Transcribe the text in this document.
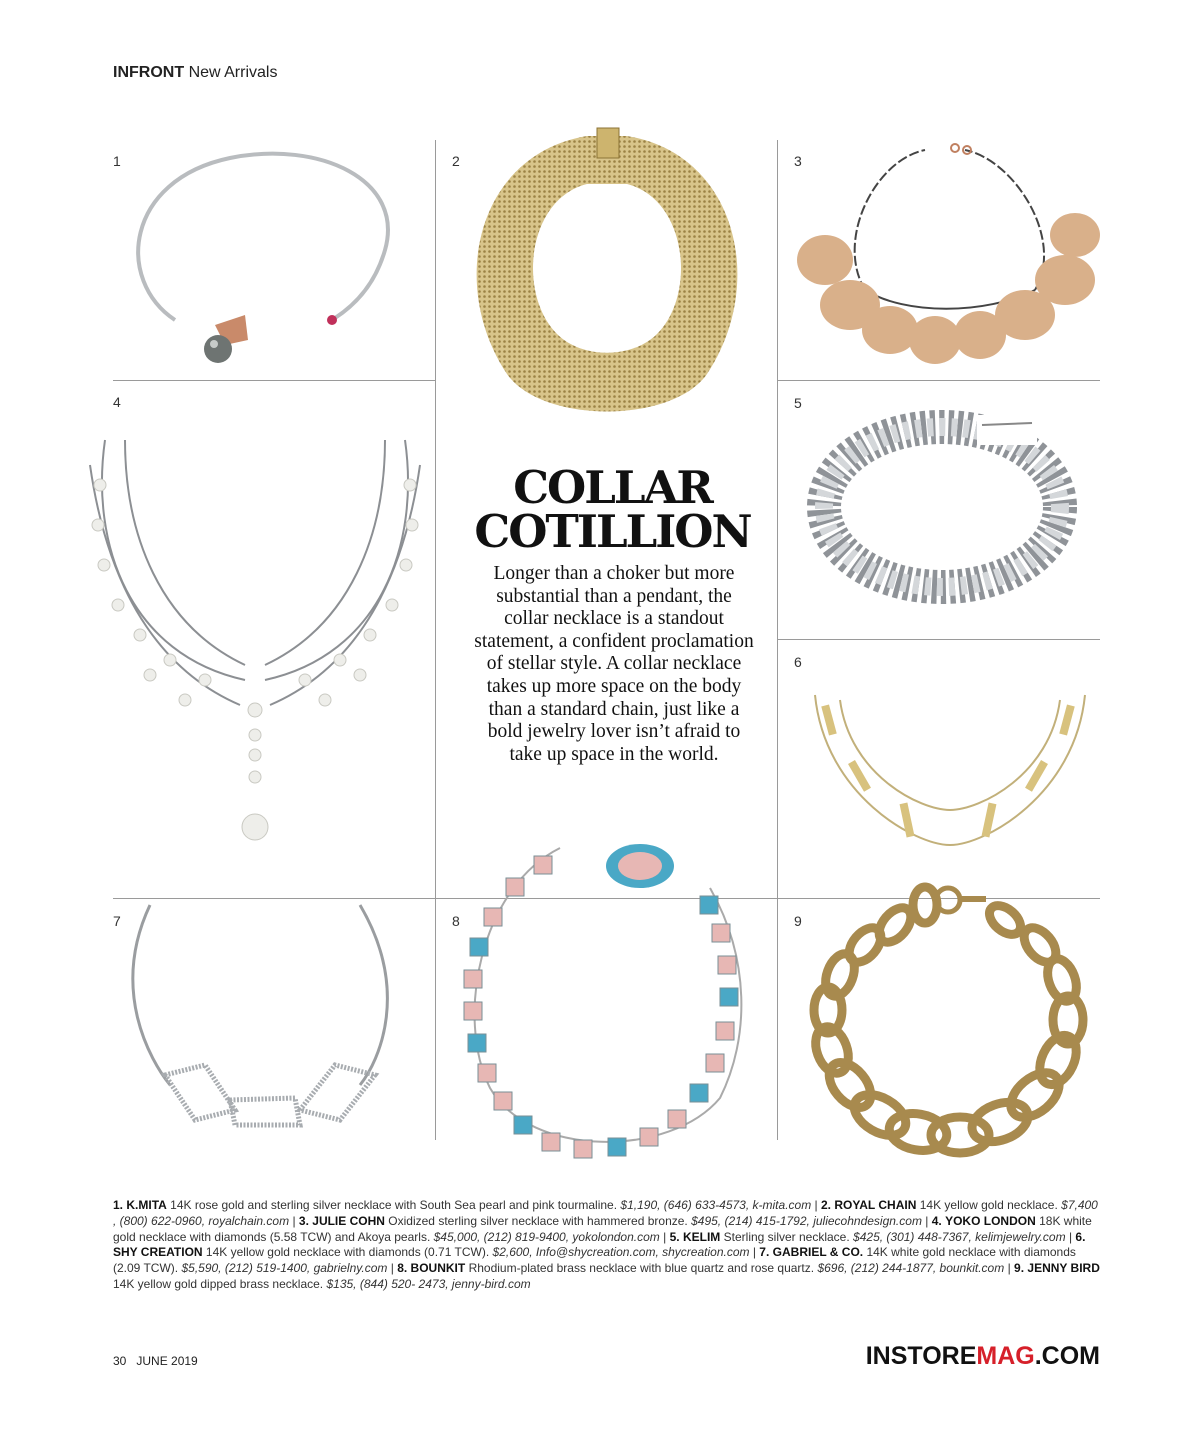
INFRONT New Arrivals
1	2	3
4	5
6
7	8	9
COLLAR
COTILLION
Longer than a choker but more substantial than a pendant, the collar necklace is a standout statement, a confident proclamation of stellar style. A collar necklace takes up more space on the body than a standard chain, just like a bold jewelry lover isn’t afraid to take up space in the world.
1. K.MITA 14K rose gold and sterling silver necklace with South Sea pearl and pink tourmaline. $1,190, (646) 633-4573, k-mita.com | 2. ROYAL CHAIN 14K yellow gold necklace. $7,400 , (800) 622-0960, royalchain.com | 3. JULIE COHN Oxidized sterling silver necklace with hammered bronze. $495, (214) 415-1792, juliecohndesign.com | 4. YOKO LONDON 18K white gold necklace with diamonds (5.58 TCW) and Akoya pearls. $45,000, (212) 819-9400, yokolondon.com | 5. KELIM Sterling silver necklace. $425, (301) 448-7367, kelimjewelry.com | 6. SHY CREATION 14K yellow gold necklace with diamonds (0.71 TCW). $2,600, Info@shycreation.com, shycreation.com | 7. GABRIEL & CO. 14K white gold necklace with diamonds (2.09 TCW). $5,590, (212) 519-1400, gabrielny.com | 8. BOUNKIT Rhodium-plated brass necklace with blue quartz and rose quartz. $696, (212) 244-1877, bounkit.com | 9. JENNY BIRD 14K yellow gold dipped brass necklace. $135, (844) 520- 2473, jenny-bird.com
30 JUNE 2019	INSTOREMAG.COM
